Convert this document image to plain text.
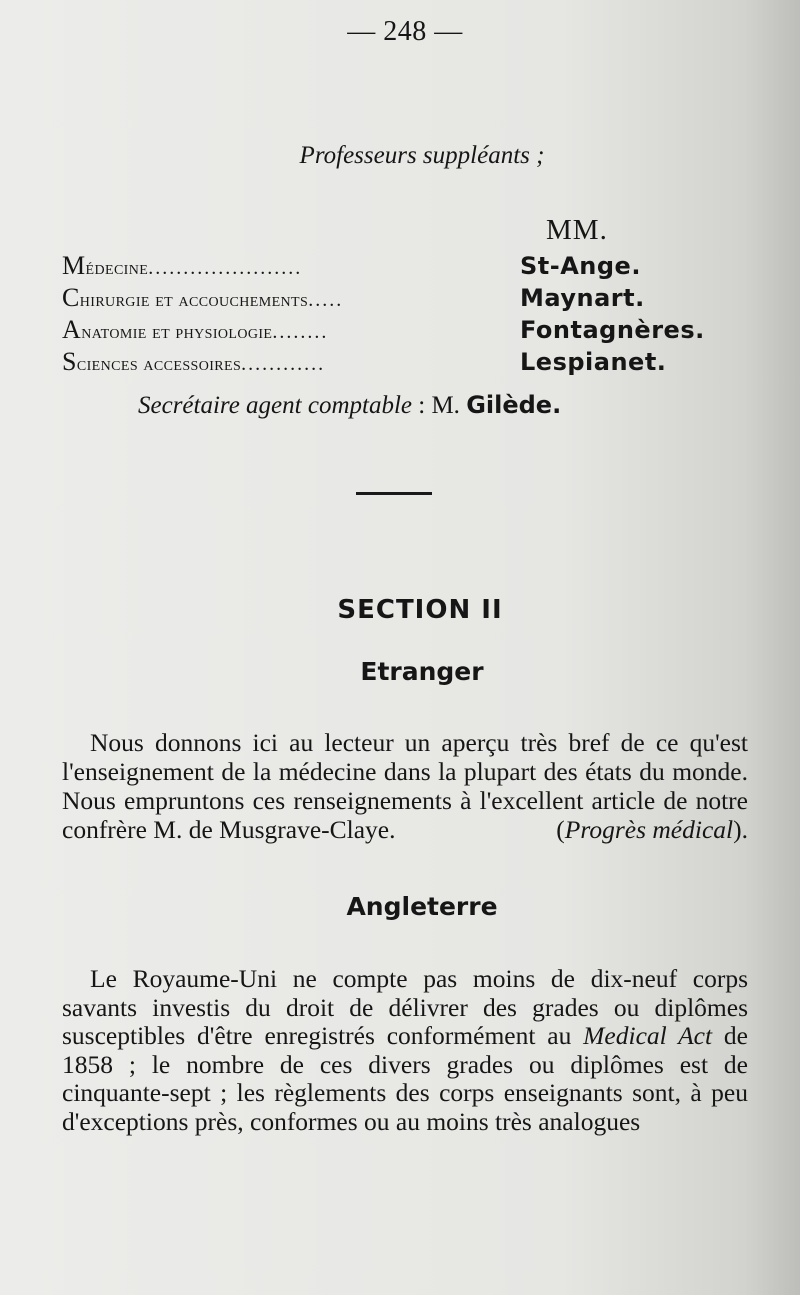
— 248 —
Professeurs suppléants ;
MM.
Médecine......................	St-Ange.
Chirurgie et accouchements.....	Maynart.
Anatomie et physiologie........	Fontagnères.
Sciences accessoires............	Lespianet.
Secrétaire agent comptable : M. Gilède.
SECTION II
Etranger

Nous donnons ici au lecteur un aperçu très bref de ce qu'est l'enseignement de la médecine dans la plupart des états du monde. Nous empruntons ces renseignements à l'excellent article de notre confrère M. de Musgrave-Claye.	(Progrès médical).

Angleterre

Le Royaume-Uni ne compte pas moins de dix-neuf corps savants investis du droit de délivrer des grades ou diplômes susceptibles d'être enregistrés conformément au Medical Act de 1858 ; le nombre de ces divers grades ou diplômes est de cinquante-sept ; les règlements des corps enseignants sont, à peu d'exceptions près, conformes ou au moins très analogues
